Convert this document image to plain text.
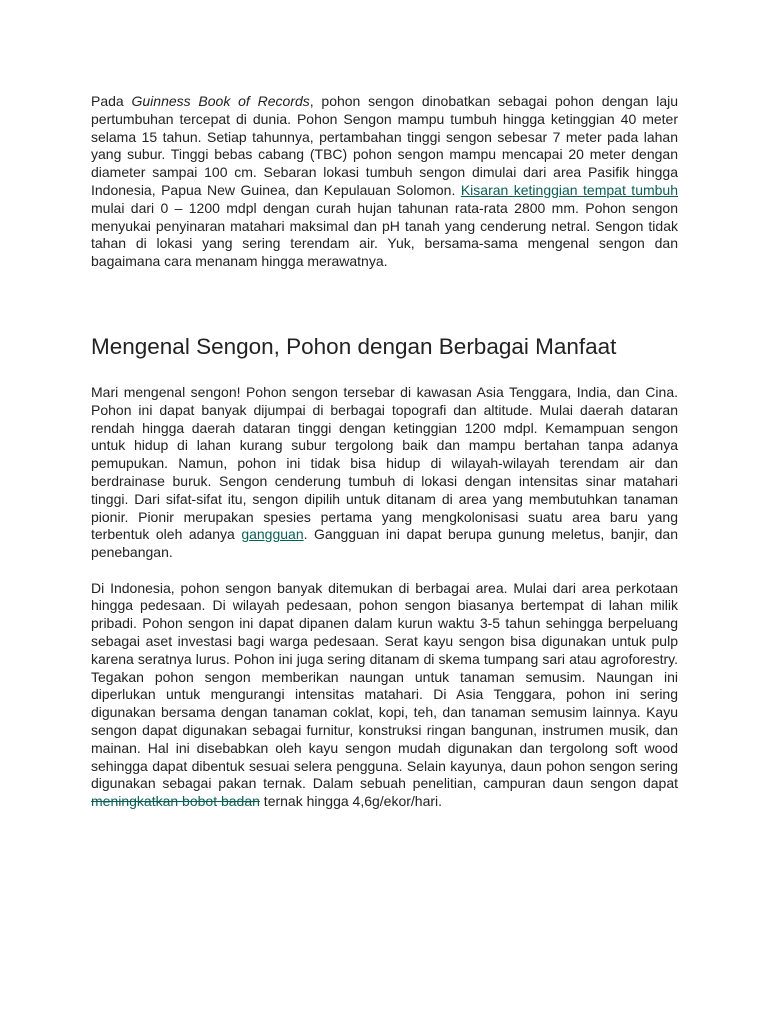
Pada Guinness Book of Records, pohon sengon dinobatkan sebagai pohon dengan laju pertumbuhan tercepat di dunia. Pohon Sengon mampu tumbuh hingga ketinggian 40 meter selama 15 tahun. Setiap tahunnya, pertambahan tinggi sengon sebesar 7 meter pada lahan yang subur. Tinggi bebas cabang (TBC) pohon sengon mampu mencapai 20 meter dengan diameter sampai 100 cm. Sebaran lokasi tumbuh sengon dimulai dari area Pasifik hingga Indonesia, Papua New Guinea, dan Kepulauan Solomon. Kisaran ketinggian tempat tumbuh mulai dari 0 – 1200 mdpl dengan curah hujan tahunan rata-rata 2800 mm. Pohon sengon menyukai penyinaran matahari maksimal dan pH tanah yang cenderung netral. Sengon tidak tahan di lokasi yang sering terendam air. Yuk, bersama-sama mengenal sengon dan bagaimana cara menanam hingga merawatnya.

Mengenal Sengon, Pohon dengan Berbagai Manfaat

Mari mengenal sengon! Pohon sengon tersebar di kawasan Asia Tenggara, India, dan Cina. Pohon ini dapat banyak dijumpai di berbagai topografi dan altitude. Mulai daerah dataran rendah hingga daerah dataran tinggi dengan ketinggian 1200 mdpl. Kemampuan sengon untuk hidup di lahan kurang subur tergolong baik dan mampu bertahan tanpa adanya pemupukan. Namun, pohon ini tidak bisa hidup di wilayah-wilayah terendam air dan berdrainase buruk. Sengon cenderung tumbuh di lokasi dengan intensitas sinar matahari tinggi. Dari sifat-sifat itu, sengon dipilih untuk ditanam di area yang membutuhkan tanaman pionir. Pionir merupakan spesies pertama yang mengkolonisasi suatu area baru yang terbentuk oleh adanya gangguan. Gangguan ini dapat berupa gunung meletus, banjir, dan penebangan.

Di Indonesia, pohon sengon banyak ditemukan di berbagai area. Mulai dari area perkotaan hingga pedesaan. Di wilayah pedesaan, pohon sengon biasanya bertempat di lahan milik pribadi. Pohon sengon ini dapat dipanen dalam kurun waktu 3-5 tahun sehingga berpeluang sebagai aset investasi bagi warga pedesaan. Serat kayu sengon bisa digunakan untuk pulp karena seratnya lurus. Pohon ini juga sering ditanam di skema tumpang sari atau agroforestry. Tegakan pohon sengon memberikan naungan untuk tanaman semusim. Naungan ini diperlukan untuk mengurangi intensitas matahari. Di Asia Tenggara, pohon ini sering digunakan bersama dengan tanaman coklat, kopi, teh, dan tanaman semusim lainnya. Kayu sengon dapat digunakan sebagai furnitur, konstruksi ringan bangunan, instrumen musik, dan mainan. Hal ini disebabkan oleh kayu sengon mudah digunakan dan tergolong soft wood sehingga dapat dibentuk sesuai selera pengguna. Selain kayunya, daun pohon sengon sering digunakan sebagai pakan ternak. Dalam sebuah penelitian, campuran daun sengon dapat meningkatkan bobot badan ternak hingga 4,6g/ekor/hari.
